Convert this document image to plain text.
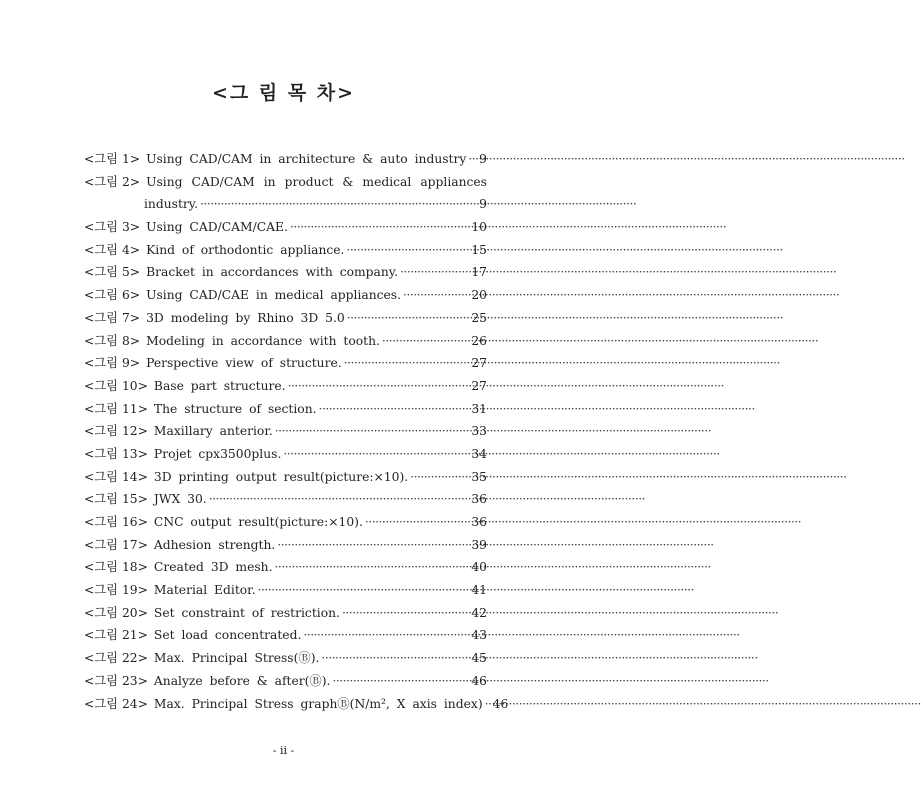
<그 림 목 차>
<그림 1> Using CAD/CAM in architecture & auto industry ····· 9
<그림 2> Using CAD/CAM in product & medical appliances
industry. ·····	9
<그림 3> Using CAD/CAM/CAE. ·····	10
<그림 4> Kind of orthodontic appliance. ·····	15
<그림 5> Bracket in accordances with company. ·····	17
<그림 6> Using CAD/CAE in medical appliances. ·····	20
<그림 7> 3D modeling by Rhino 3D 5.0 ·····	25
<그림 8> Modeling in accordance with tooth. ·····	26
<그림 9> Perspective view of structure. ·····	27
<그림 10> Base part structure. ·····	27
<그림 11> The structure of section. ·····	31
<그림 12> Maxillary anterior. ·····	33
<그림 13> Projet cpx3500plus. ·····	34
<그림 14> 3D printing output result(picture:×10). ·····	35
<그림 15> JWX 30. ·····	36
<그림 16> CNC output result(picture:×10). ·····	36
<그림 17> Adhesion strength. ·····	39
<그림 18> Created 3D mesh. ·····	40
<그림 19> Material Editor. ·····	41
<그림 20> Set constraint of restriction. ·····	42
<그림 21> Set load concentrated. ·····	43
<그림 22> Max. Principal Stress(Ⓑ). ·····	45
<그림 23> Analyze before & after(Ⓑ). ·····	46
<그림 24> Max. Principal Stress graphⒷ(N/m², X axis index) ····· 46

- ii -
